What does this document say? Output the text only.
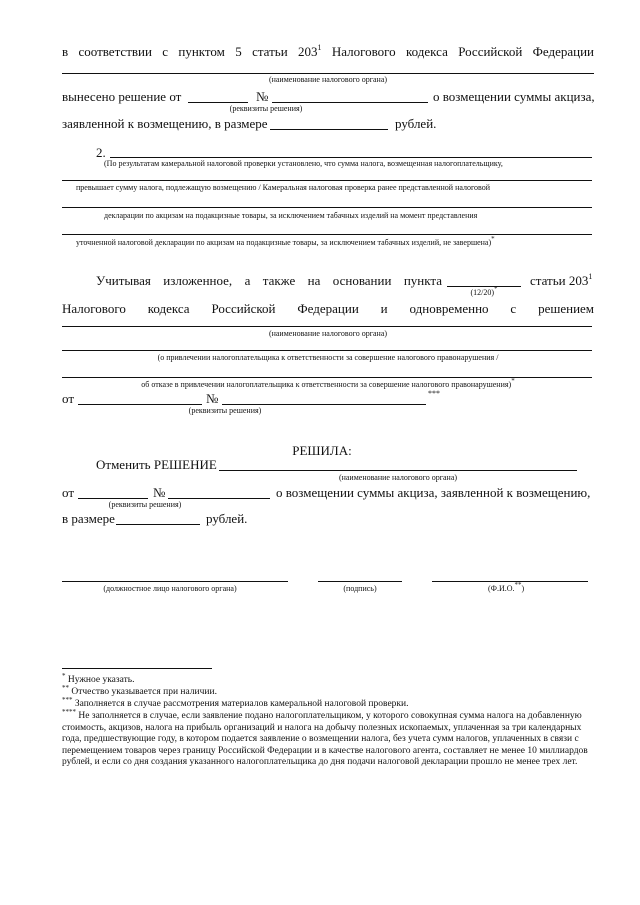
в соответствии с пунктом 5 статьи $203^1$ Налогового кодекса Российской Федерации
(наименование налогового органа)
вынесено решение от	№	о возмещении суммы акциза,
(реквизиты решения)
заявленной к возмещению, в размере	рублей.
2.
(По результатам камеральной налоговой проверки установлено, что сумма налога, возмещенная налогоплательщику,
превышает сумму налога, подлежащую возмещению / Камеральная налоговая проверка ранее представленной налоговой
декларации по акцизам на подакцизные товары, за исключением табачных изделий на момент представления
уточненной налоговой декларации по акцизам на подакцизные товары, за исключением табачных изделий, не завершена)*
Учитывая изложенное, а также на основании пункта	статьи $203^1$
(12/20)*
Налогового кодекса Российской Федерации и одновременно с решением
(наименование налогового органа)
(о привлечении налогоплательщика к ответственности за совершение налогового правонарушения /
об отказе в привлечении налогоплательщика к ответственности за совершение налогового правонарушения)*
от	№	***
(реквизиты решения)
РЕШИЛА:
Отменить РЕШЕНИЕ
(наименование налогового органа)
от	№	о возмещении суммы акциза, заявленной к возмещению,
(реквизиты решения)
в размере	рублей.
(должностное лицо налогового органа)	(подпись)	(Ф.И.О.**)
* Нужное указать.
** Отчество указывается при наличии.
*** Заполняется в случае рассмотрения материалов камеральной налоговой проверки.
**** Не заполняется в случае, если заявление подано налогоплательщиком, у которого совокупная сумма налога на добавленную стоимость, акцизов, налога на прибыль организаций и налога на добычу полезных ископаемых, уплаченная за три календарных года, предшествующие году, в котором подается заявление о возмещении налога, без учета сумм налогов, уплаченных в связи с перемещением товаров через границу Российской Федерации и в качестве налогового агента, составляет не менее 10 миллиардов рублей, и если со дня создания указанного налогоплательщика до дня подачи налоговой декларации прошло не менее трех лет.
